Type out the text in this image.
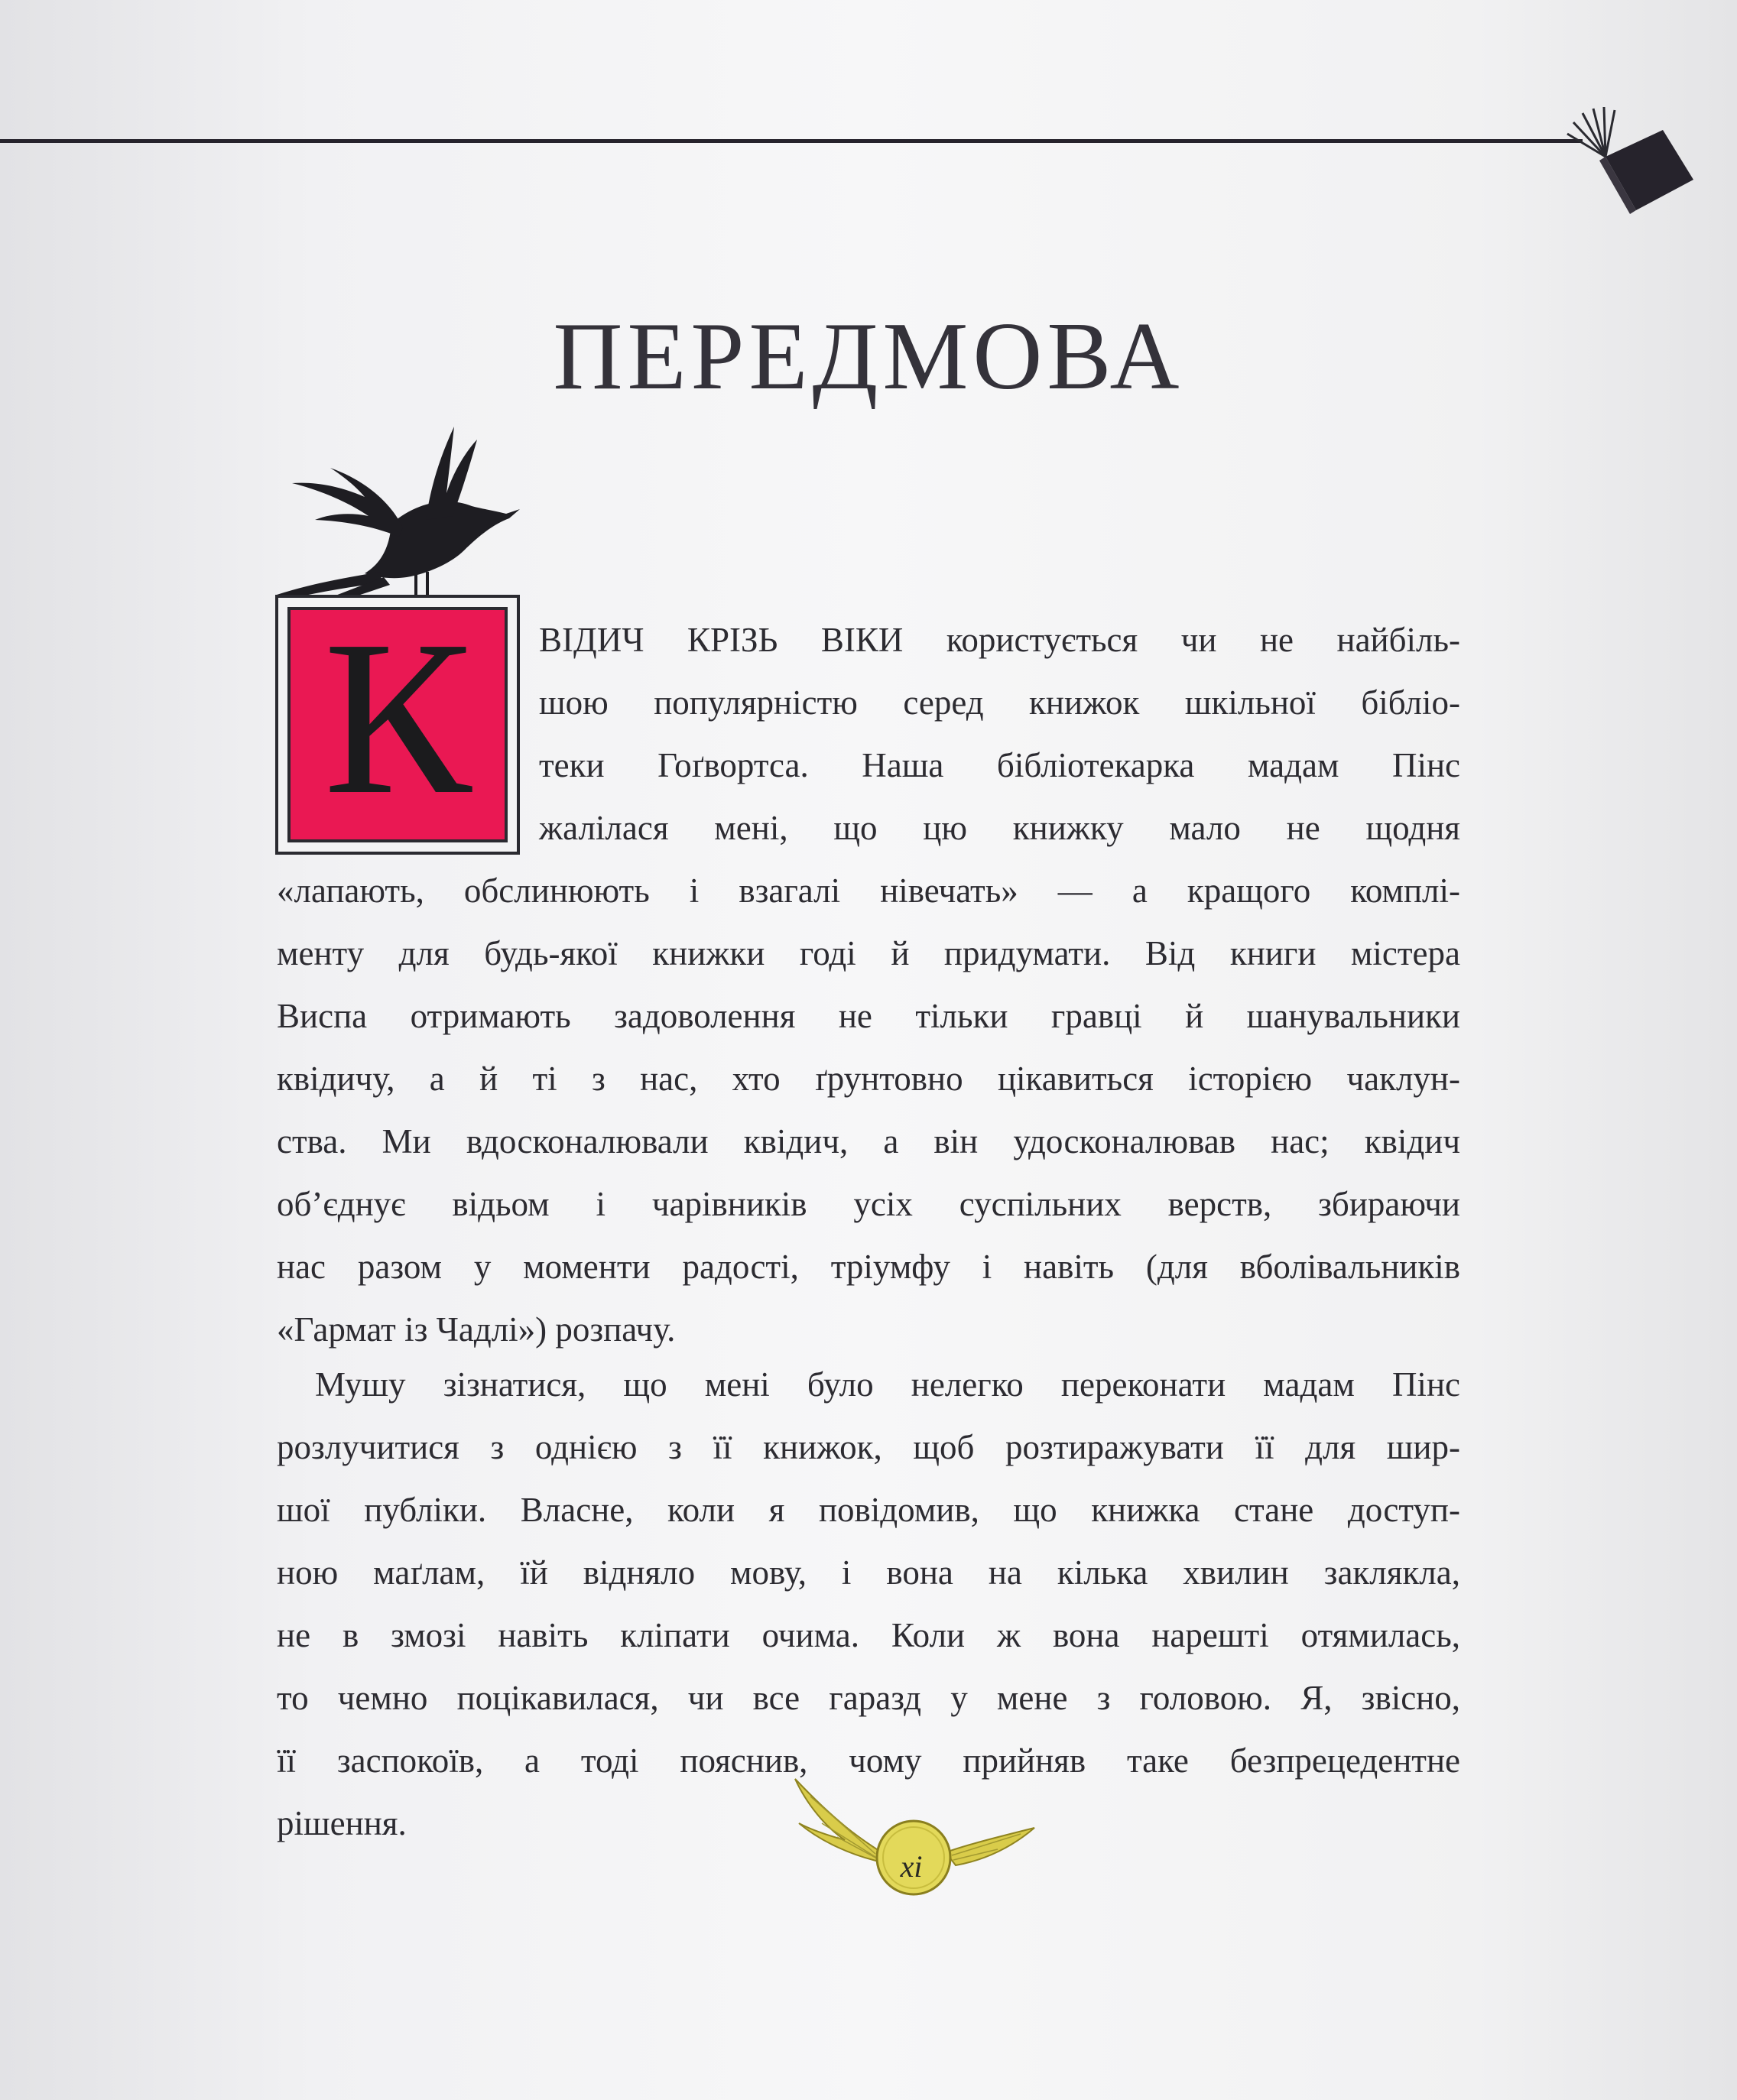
ПЕРЕДМОВА
К ВІДИЧ КРІЗЬ ВІКИ користується чи не найбіль-
шою популярністю серед книжок шкільної бібліо-
теки Гоґвортса. Наша бібліотекарка мадам Пінс
жалілася мені, що цю книжку мало не щодня
«лапають, обслинюють і взагалі нівечать» — а кращого комплі-
менту для будь-якої книжки годі й придумати. Від книги містера
Виспа отримають задоволення не тільки гравці й шанувальники
квідичу, а й ті з нас, хто ґрунтовно цікавиться історією чаклун-
ства. Ми вдосконалювали квідич, а він удосконалював нас; квідич
об’єднує відьом і чарівників усіх суспільних верств, збираючи
нас разом у моменти радості, тріумфу і навіть (для вболівальників
«Гармат із Чадлі») розпачу.
Мушу зізнатися, що мені було нелегко переконати мадам Пінс
розлучитися з однією з її книжок, щоб розтиражувати її для шир-
шої публіки. Власне, коли я повідомив, що книжка стане доступ-
ною маґлам, їй відняло мову, і вона на кілька хвилин заклякла,
не в змозі навіть кліпати очима. Коли ж вона нарешті отямилась,
то чемно поцікавилася, чи все гаразд у мене з головою. Я, звісно,
її заспокоїв, а тоді пояснив, чому прийняв таке безпрецедентне
рішення.
xi
